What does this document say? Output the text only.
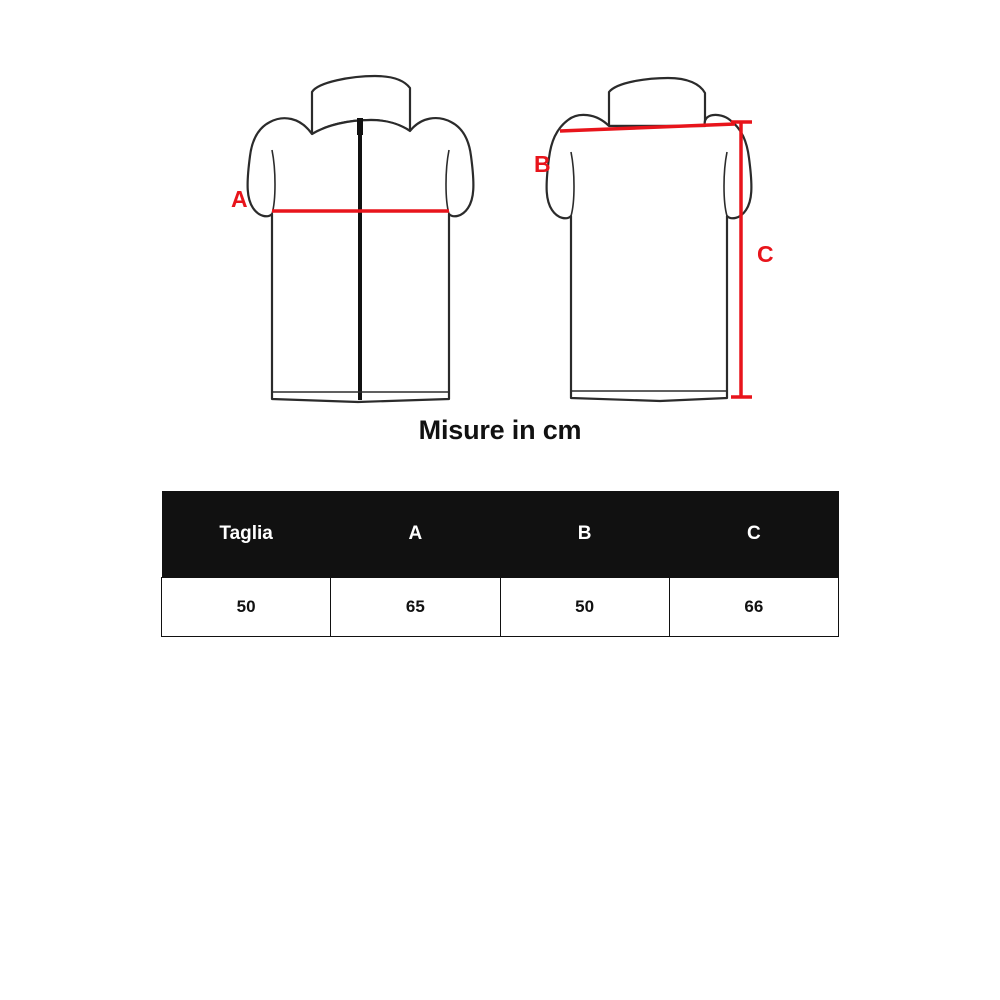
A
B
C
Misure in cm
Taglia	A	B	C
50	65	50	66
